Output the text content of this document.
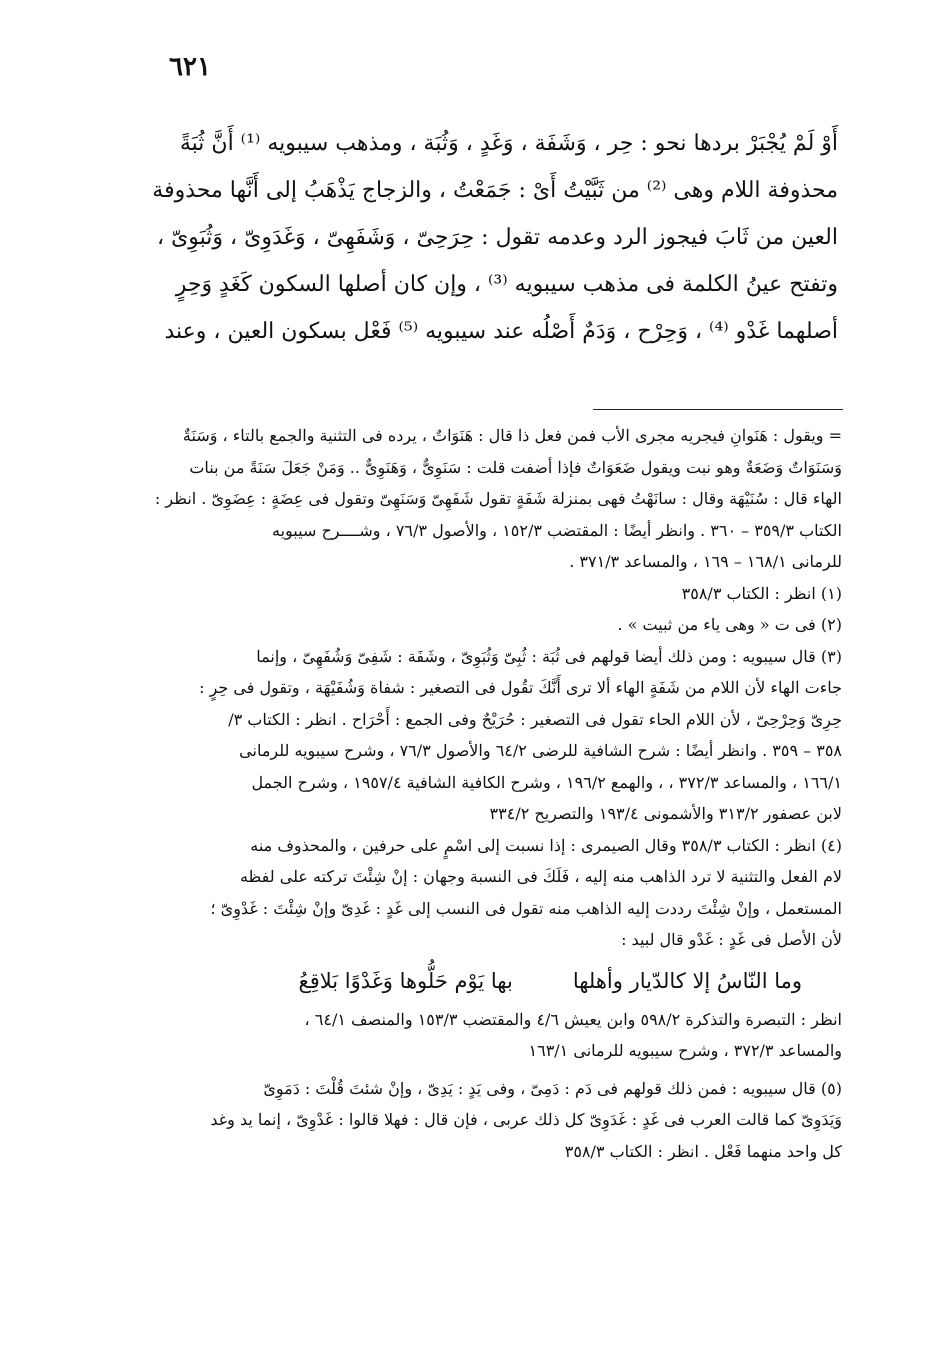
٦٢١

أَوْ لَمْ يُجْبَرْ بردها نحو : حِر ، وَشَفَة ، وَغَدٍ ، وَثُبَة ، ومذهب سيبويه ⁽¹⁾ أَنَّ ثُبَةً

محذوفة اللام وهى ⁽²⁾ من ثَبَّيْتُ أَىْ : جَمَعْتُ ، والزجاج يَذْهَبُ إلى أَنَّها محذوفة

العين من ثَابَ فيجوز الرد وعدمه تقول : حِرَحِىّ ، وَشَفَهِىّ ، وَغَدَوِىّ ، وَثُبَوِىّ ،

وتفتح عينُ الكلمة فى مذهب سيبويه ⁽³⁾ ، وإن كان أصلها السكون كَغَدٍ وَحِرٍ

أصلهما غَدْو ⁽⁴⁾ ، وَحِرْح ، وَدَمٌ أَصْلُه عند سيبويه ⁽⁵⁾ فَعْل بسكون العين ، وعند

= ويقول : هَنَوانِ فيجريه مجرى الأب فمن فعل ذا قال : هَنَوَاتٌ ، يرده فى التثنية والجمع بالتاء ، وَسَنَةٌ

وَسَنَوَاتٌ وَضَعَةٌ وهو نبت ويقول ضَعَوَاتٌ فإذا أضفت قلت : سَنَوِىٌّ ، وَهَنَوِىٌّ .. وَمَنْ جَعَلَ سَنَةً من بنات

الهاء قال : سُنَيْهَة وقال : سانَهْتُ فهى بمنزلة شَفَةٍ تقول شَفَهِىّ وَسَنَهِىّ وتقول فى عِضَةٍ : عِضَوِىّ . انظر :

الكتاب ٣٥٩/٣ – ٣٦٠ . وانظر أيضًا : المقتضب ١٥٢/٣ ، والأصول ٧٦/٣ ، وشــــرح سيبويه

للرمانى ١٦٨/١ – ١٦٩ ، والمساعد ٣٧١/٣ .

(١) انظر : الكتاب ٣٥٨/٣

(٢) فى ت « وهى ياء من ثبيت » .

(٣) قال سيبويه : ومن ذلك أيضا قولهم فى ثُبَة : ثُبِىّ وَثُبَوِىّ ، وشَفَة : شَفِىّ وَشُفَهِىّ ، وإنما

جاءت الهاء لأن اللام من شَفَةٍ الهاء ألا ترى أَنَّكَ تقُول فى التصغير : شفاة وَشُفَيْهَة ، وتقول فى حِرٍ :

حِرِىّ وَحِرْحِىّ ، لأن اللام الحاء تقول فى التصغير : حُرَيْحٌ وفى الجمع : أَحْرَاح . انظر : الكتاب ٣/

٣٥٨ – ٣٥٩ . وانظر أيضًا : شرح الشافية للرضى ٦٤/٢ والأصول ٧٦/٣ ، وشرح سيبويه للرمانى

١٦٦/١ ، والمساعد ٣٧٢/٣ ، ، والهمع ١٩٦/٢ ، وشرح الكافية الشافية ١٩٥٧/٤ ، وشرح الجمل

لابن عصفور ٣١٣/٢ والأشمونى ١٩٣/٤ والتصريح ٣٣٤/٢

(٤) انظر : الكتاب ٣٥٨/٣ وقال الصيمرى : إذا نسبت إلى اسْمٍ على حرفين ، والمحذوف منه

لام الفعل والتثنية لا ترد الذاهب منه إليه ، فَلَكَ فى النسبة وجهان : إنْ شِئْتَ تركته على لفظه

المستعمل ، وإنْ شِئْتَ رددت إليه الذاهب منه تقول فى النسب إلى غَدٍ : غَدِىّ وإنْ شِئْتَ : غَدْوِىّ ؛

لأن الأصل فى غَدٍ : غَدْو قال لبيد :

وما النّاسُ إلا كالدّيار وأهلها
بها يَوْم حَلُّوها وَغَدْوًا بَلاقِعُ

انظر : التبصرة والتذكرة ٥٩٨/٢ وابن يعيش ٤/٦ والمقتضب ١٥٣/٣ والمنصف ٦٤/١ ،

والمساعد ٣٧٢/٣ ، وشرح سيبويه للرمانى ١٦٣/١

(٥) قال سيبويه : فمن ذلك قولهم فى دَم : دَمِىّ ، وفى يَدٍ : يَدِىّ ، وإنْ شئتَ قُلْتَ : دَمَوِىّ

وَيَدَوِىّ كما قالت العرب فى غَدٍ : غَدَوِىّ كل ذلك عربى ، فإن قال : فهلا قالوا : غَدْوِىّ ، إنما يد وغد

كل واحد منهما فَعْل . انظر : الكتاب ٣٥٨/٣
